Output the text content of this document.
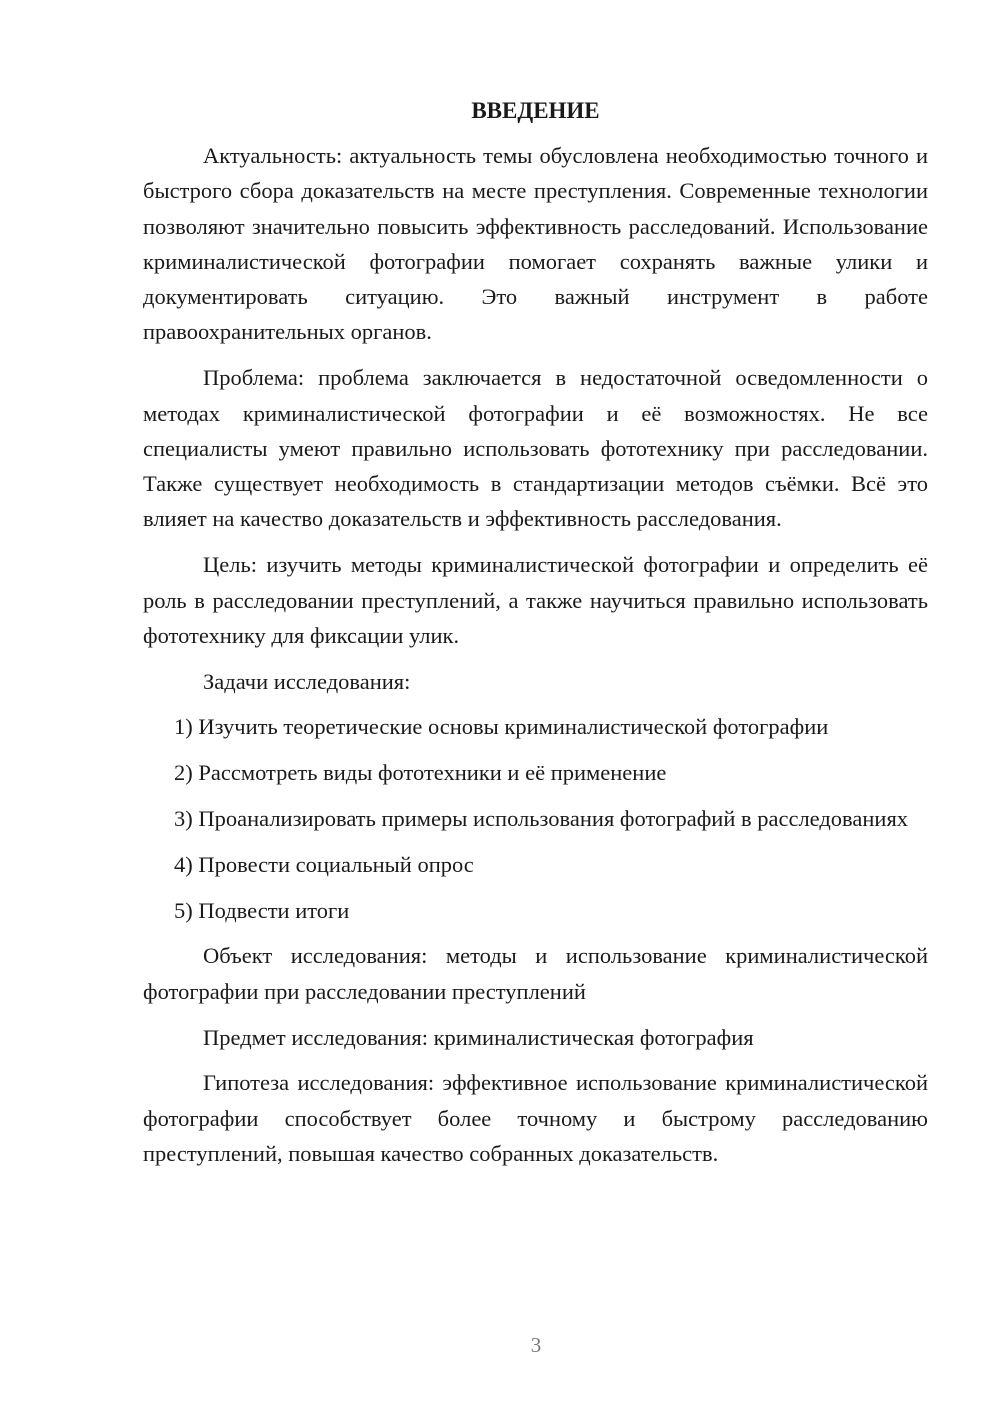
ВВЕДЕНИЕ

Актуальность: актуальность темы обусловлена необходимостью точного и быстрого сбора доказательств на месте преступления. Современные технологии позволяют значительно повысить эффективность расследований. Использование криминалистической фотографии помогает сохранять важные улики и документировать ситуацию. Это важный инструмент в работе правоохранительных органов.

Проблема: проблема заключается в недостаточной осведомленности о методах криминалистической фотографии и её возможностях. Не все специалисты умеют правильно использовать фототехнику при расследовании. Также существует необходимость в стандартизации методов съёмки. Всё это влияет на качество доказательств и эффективность расследования.

Цель: изучить методы криминалистической фотографии и определить её роль в расследовании преступлений, а также научиться правильно использовать фототехнику для фиксации улик.

Задачи исследования:

1) Изучить теоретические основы криминалистической фотографии

2) Рассмотреть виды фототехники и её применение

3) Проанализировать примеры использования фотографий в расследованиях

4) Провести социальный опрос

5) Подвести итоги

Объект исследования: методы и использование криминалистической фотографии при расследовании преступлений

Предмет исследования: криминалистическая фотография

Гипотеза исследования: эффективное использование криминалистической фотографии способствует более точному и быстрому расследованию преступлений, повышая качество собранных доказательств.

3
